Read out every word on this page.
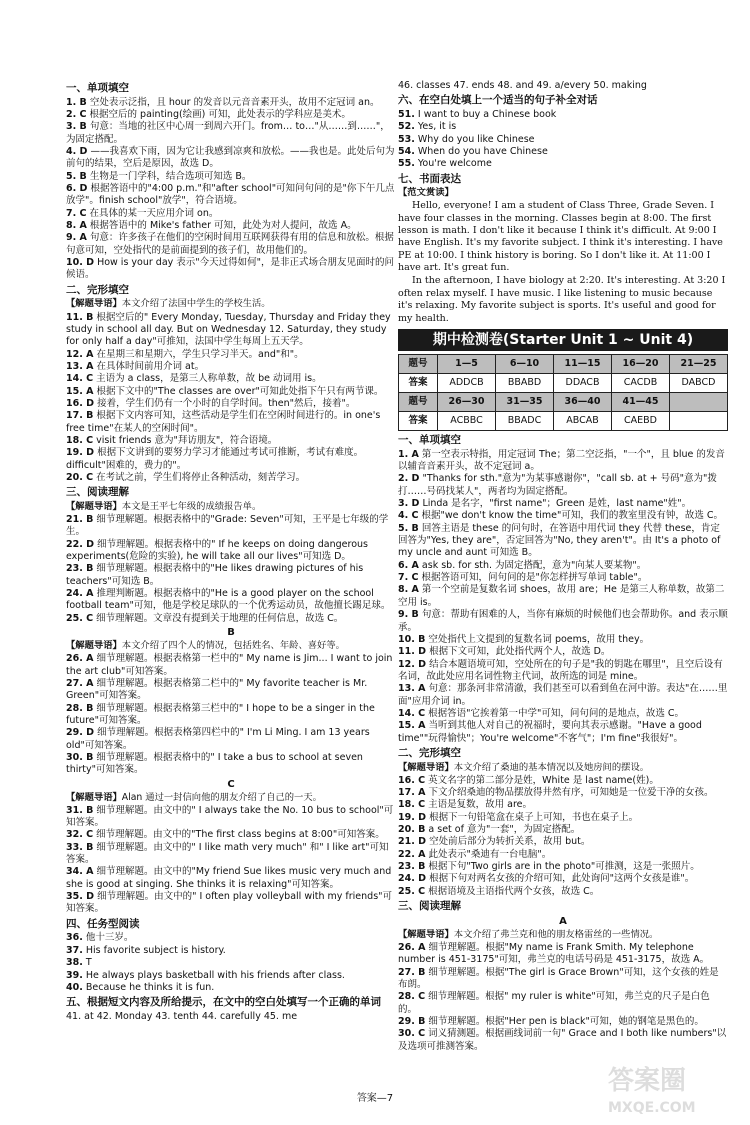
一、单项填空
1. B 空处表示泛指，且 hour 的发音以元音音素开头，故用不定冠词 an。
2. C 根据空后的 painting(绘画) 可知，此处表示的学科应是美术。
3. B 句意：当地的社区中心周一到周六开门。from… to…"从……到……"，为固定搭配。
4. D ——我喜欢下雨，因为它让我感到凉爽和放松。——我也是。此处后句为前句的结果，空后是原因，故选 D。
5. B 生物是一门学科，结合选项可知选 B。
6. D 根据答语中的"4:00 p.m."和"after school"可知问句问的是"你下午几点放学"。finish school"放学"，符合语境。
7. C 在具体的某一天应用介词 on。
8. A 根据答语中的 Mike's father 可知，此处为对人提问，故选 A。
9. A 句意：许多孩子在他们的空闲时间用互联网获得有用的信息和放松。根据句意可知，空处指代的是前面提到的孩子们，故用他们的。
10. D How is your day 表示"今天过得如何"，是非正式场合朋友见面时的问候语。
二、完形填空
【解题导语】本文介绍了法国中学生的学校生活。
11. B 根据空后的" Every Monday, Tuesday, Thursday and Friday they study in school all day. But on Wednesday 12. Saturday, they study for only half a day"可推知，法国中学生每周上五天学。
12. A 在星期三和星期六，学生只学习半天。and"和"。
13. A 在具体时间前用介词 at。
14. C 主语为 a class，是第三人称单数，故 be 动词用 is。
15. A 根据下文中的"The classes are over"可知此处指下午只有两节课。
16. D 接着，学生们仍有一个小时的自学时间。then"然后，接着"。
17. B 根据下文内容可知，这些活动是学生们在空闲时间进行的。in one's free time"在某人的空闲时间"。
18. C visit friends 意为"拜访朋友"，符合语境。
19. D 根据下文讲到的要努力学习才能通过考试可推断，考试有难度。difficult"困难的，费力的"。
20. C 在考试之前，学生们将停止各种活动，刻苦学习。
三、阅读理解
【解题导语】本文是王平七年级的成绩报告单。
21. B 细节理解题。根据表格中的"Grade: Seven"可知，王平是七年级的学生。
22. D 细节理解题。根据表格中的" If he keeps on doing dangerous experiments(危险的实验), he will take all our lives"可知选 D。
23. B 细节理解题。根据表格中的"He likes drawing pictures of his teachers"可知选 B。
24. A 推理判断题。根据表格中的"He is a good player on the school football team"可知，他是学校足球队的一个优秀运动员，故他擅长踢足球。
25. C 细节理解题。文章没有提到关于地理的任何信息，故选 C。
B
【解题导语】本文介绍了四个人的情况，包括姓名、年龄、喜好等。
26. A 细节理解题。根据表格第一栏中的" My name is Jim... I want to join the art club"可知答案。
27. A 细节理解题。根据表格第二栏中的" My favorite teacher is Mr. Green"可知答案。
28. B 细节理解题。根据表格第三栏中的" I hope to be a singer in the future"可知答案。
29. D 细节理解题。根据表格第四栏中的" I'm Li Ming. I am 13 years old"可知答案。
30. B 细节理解题。根据表格中的" I take a bus to school at seven thirty"可知答案。
C
【解题导语】Alan 通过一封信向他的朋友介绍了自己的一天。
31. B 细节理解题。由文中的" I always take the No. 10 bus to school"可知答案。
32. C 细节理解题。由文中的"The first class begins at 8:00"可知答案。
33. B 细节理解题。由文中的" I like math very much" 和" I like art"可知答案。
34. A 细节理解题。由文中的"My friend Sue likes music very much and she is good at singing. She thinks it is relaxing"可知答案。
35. D 细节理解题。由文中的" I often play volleyball with my friends"可知答案。
四、任务型阅读
36. 他十三岁。
37. His favorite subject is history.
38. T
39. He always plays basketball with his friends after class.
40. Because he thinks it is fun.
五、根据短文内容及所给提示，在文中的空白处填写一个正确的单词
41. at 42. Monday 43. tenth 44. carefully 45. me
46. classes 47. ends 48. and 49. a/every 50. making
六、在空白处填上一个适当的句子补全对话
51. I want to buy a Chinese book
52. Yes, it is
53. Why do you like Chinese
54. When do you have Chinese
55. You're welcome
七、书面表达
【范文赏读】
Hello, everyone! I am a student of Class Three, Grade Seven. I have four classes in the morning. Classes begin at 8:00. The first lesson is math. I don't like it because I think it's difficult. At 9:00 I have English. It's my favorite subject. I think it's interesting. I have PE at 10:00. I think history is boring. So I don't like it. At 11:00 I have art. It's great fun.
In the afternoon, I have biology at 2:20. It's interesting. At 3:20 I often relax myself. I have music. I like listening to music because it's relaxing. My favorite subject is sports. It's useful and good for my health.
期中检测卷(Starter Unit 1 ~ Unit 4)
题号	1—5	6—10	11—15	16—20	21—25
答案	ADDCB	BBABD	DDACB	CACDB	DABCD
题号	26—30	31—35	36—40	41—45	
答案	ACBBC	BBADC	ABCAB	CAEBD	
一、单项填空
1. A 第一空表示特指，用定冠词 The；第二空泛指，"一个"，且 blue 的发音以辅音音素开头，故不定冠词 a。
2. D "Thanks for sth."意为"为某事感谢你"，"call sb. at + 号码"意为"拨打……号码找某人"，两者均为固定搭配。
3. D Linda 是名字，"first name"；Green 是姓，last name"姓"。
4. C 根据"we don't know the time"可知，我们的教室里没有钟，故选 C。
5. B 回答主语是 these 的问句时，在答语中用代词 they 代替 these，肯定回答为"Yes, they are"，否定回答为"No, they aren't"。由 It's a photo of my uncle and aunt 可知选 B。
6. A ask sb. for sth. 为固定搭配，意为"向某人要某物"。
7. C 根据答语可知，问句问的是"你怎样拼写单词 table"。
8. A 第一个空前是复数名词 shoes，故用 are；He 是第三人称单数，故第二空用 is。
9. B 句意：帮助有困难的人，当你有麻烦的时候他们也会帮助你。and 表示顺承。
10. B 空处指代上文提到的复数名词 poems，故用 they。
11. D 根据下文可知，此处指代两个人，故选 D。
12. D 结合本题语境可知，空处所在的句子是"我的钥匙在哪里"，且空后设有名词，故此处应用名词性物主代词，故所选的词是 mine。
13. A 句意：那条河非常清澈，我们甚至可以看到鱼在河中游。表达"在……里面"应用介词 in。
14. C 根据答语"它挨着第一中学"可知，问句问的是地点，故选 C。
15. A 当听到其他人对自己的祝福时，要向其表示感谢。"Have a good time""玩得愉快"；You're welcome"不客气"；I'm fine"我很好"。
二、完形填空
【解题导语】本文介绍了桑迪的基本情况以及她房间的摆设。
16. C 英文名字的第二部分是姓，White 是 last name(姓)。
17. A 下文介绍桑迪的物品摆放得井然有序，可知她是一位爱干净的女孩。
18. C 主语是复数，故用 are。
19. D 根据下一句铅笔盒在桌子上可知，书也在桌子上。
20. B a set of 意为"一套"，为固定搭配。
21. D 空处前后部分为转折关系，故用 but。
22. A 此处表示"桑迪有一台电脑"。
23. B 根据下句"Two girls are in the photo"可推测，这是一张照片。
24. D 根据下句对两名女孩的介绍可知，此处询问"这两个女孩是谁"。
25. C 根据语境及主语指代两个女孩，故选 C。
三、阅读理解
A
【解题导语】本文介绍了弗兰克和他的朋友格雷丝的一些情况。
26. A 细节理解题。根据"My name is Frank Smith. My telephone number is 451-3175"可知，弗兰克的电话号码是 451-3175，故选 A。
27. B 细节理解题。根据"The girl is Grace Brown"可知，这个女孩的姓是布朗。
28. C 细节理解题。根据" my ruler is white"可知，弗兰克的尺子是白色的。
29. B 细节理解题。根据"Her pen is black"可知，她的钢笔是黑色的。
30. C 词义猜测题。根据画线词前一句" Grace and I both like numbers"以及选项可推测答案。
答案—7
答案圈
MXQE.COM
